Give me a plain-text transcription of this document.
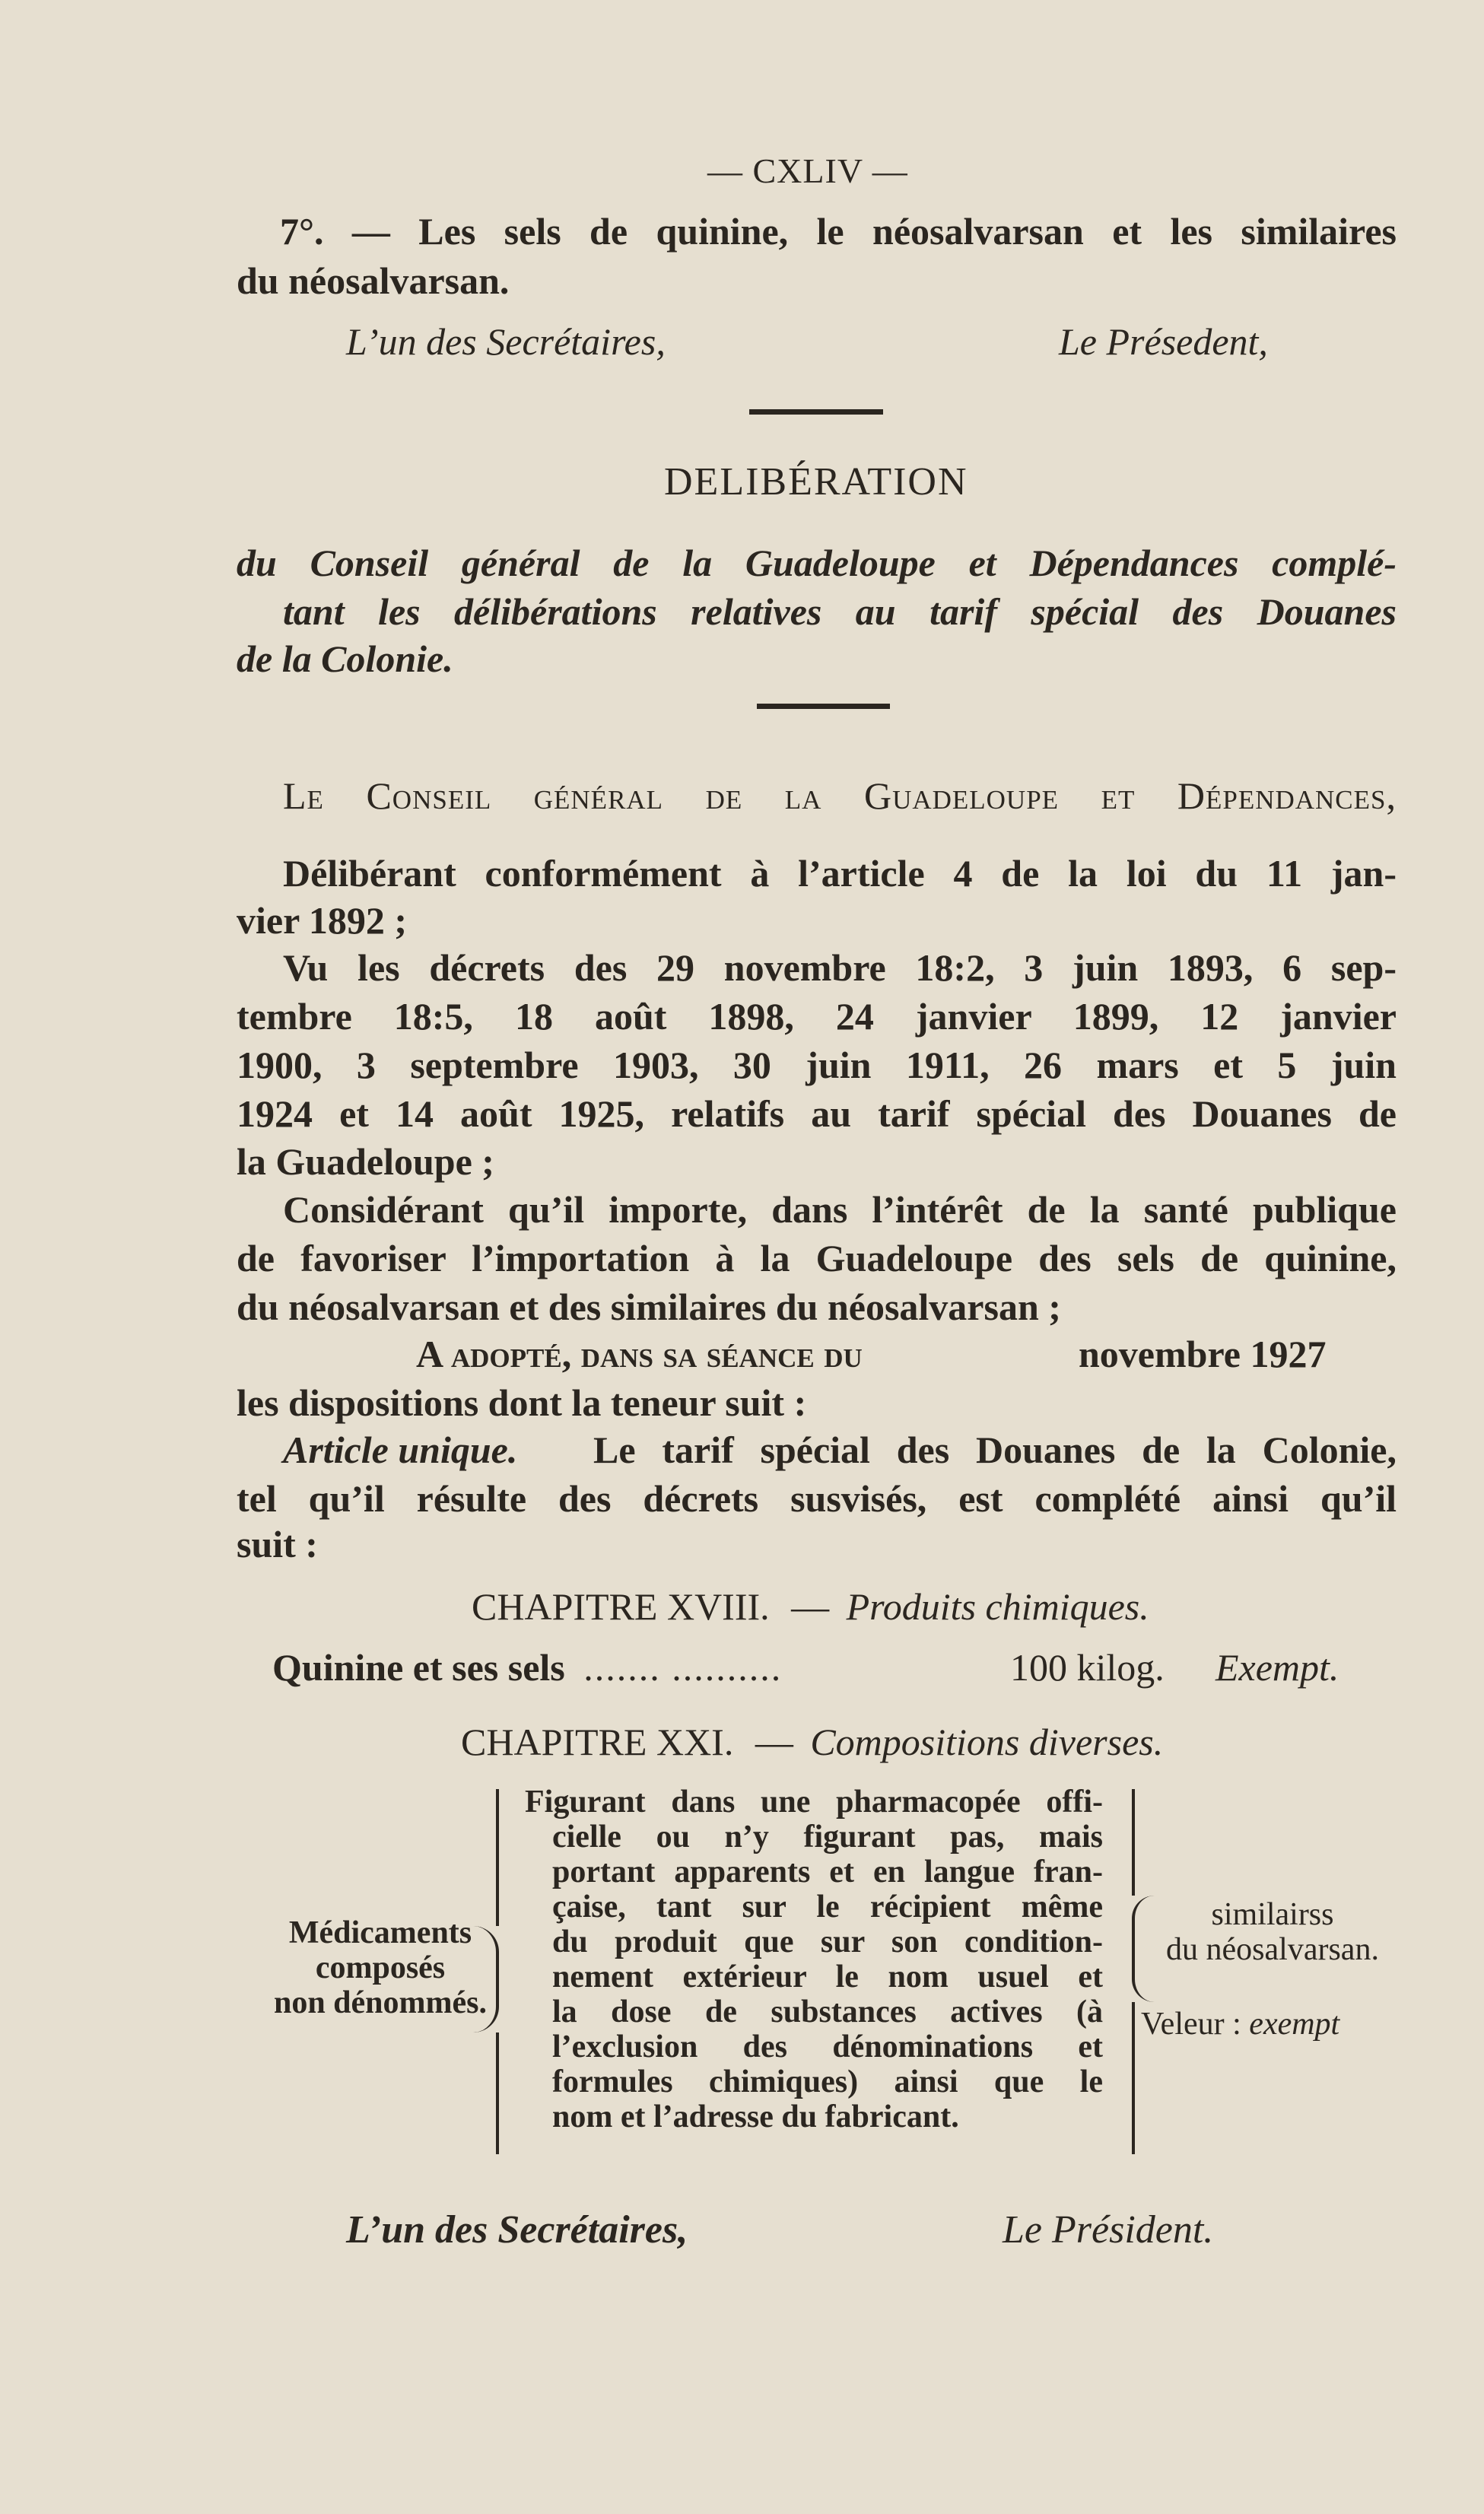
— CXLIV —
7°. — Les sels de quinine, le néosalvarsan et les similaires
du néosalvarsan.
L’un des Secrétaires,	Le Présedent,
DELIBÉRATION
du Conseil général de la Guadeloupe et Dépendances complé-
tant les délibérations relatives au tarif spécial des Douanes
de la Colonie.
Le Conseil général de la Guadeloupe et Dépendances,
Délibérant conformément à l’article 4 de la loi du 11 jan-
vier 1892 ;
Vu les décrets des 29 novembre 18:2, 3 juin 1893, 6 sep-
tembre 18:5, 18 août 1898, 24 janvier 1899, 12 janvier
1900, 3 septembre 1903, 30 juin 1911, 26 mars et 5 juin
1924 et 14 août 1925, relatifs au tarif spécial des Douanes de
la Guadeloupe ;
Considérant qu’il importe, dans l’intérêt de la santé publique
de favoriser l’importation à la Guadeloupe des sels de quinine,
du néosalvarsan et des similaires du néosalvarsan ;
A adopté, dans sa séance du	novembre 1927
les dispositions dont la teneur suit :
Article unique. Le tarif spécial des Douanes de la Colonie,
tel qu’il résulte des décrets susvisés, est complété ainsi qu’il
suit :
CHAPITRE XVIII. — Produits chimiques.
Quinine et ses sels ....... ..........	100 kilog. Exempt.
CHAPITRE XXI. — Compositions diverses.
Médicaments
composés
non dénommés.
Figurant dans une pharmacopée offi-
cielle ou n’y figurant pas, mais
portant apparents et en langue fran-
çaise, tant sur le récipient même
du produit que sur son condition-
nement extérieur le nom usuel et
la dose de substances actives (à
l’exclusion des dénominations et
formules chimiques) ainsi que le
nom et l’adresse du fabricant.
similairss
du néosalvarsan.
Veleur : exempt
L’un des Secrétaires,	Le Président.
